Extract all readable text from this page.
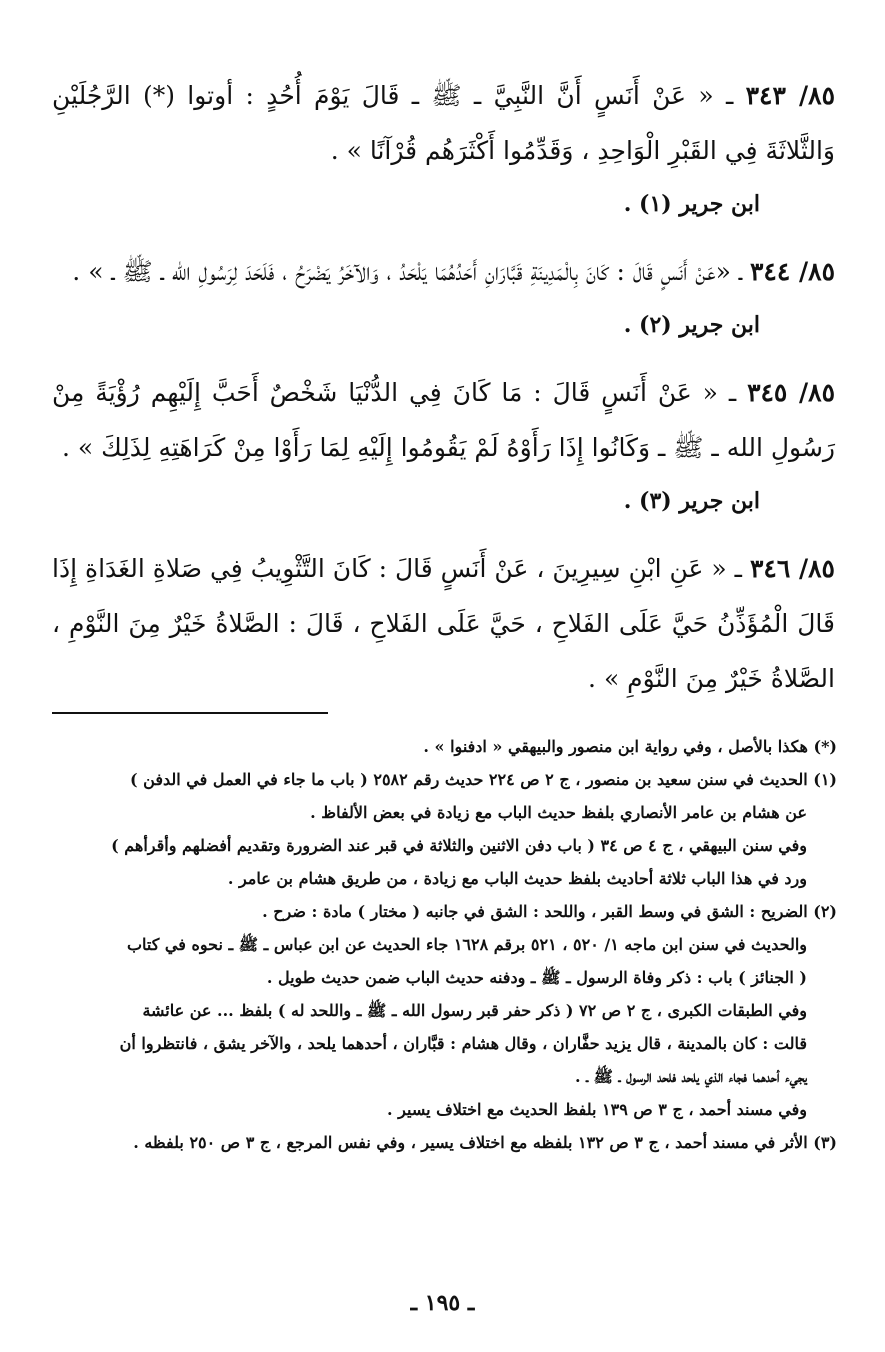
٨٥/ ٣٤٣ ـ « عَنْ أَنَسٍ أَنَّ النَّبِيَّ ـ ﷺ ـ قَالَ يَوْمَ أُحُدٍ : أوتوا (*) الرَّجُلَيْنِ وَالثَّلاثَةَ فِي القَبْرِ الْوَاحِدِ ، وَقَدِّمُوا أَكْثَرَهُم قُرْآنًا » .

ابن جرير (١) .

٨٥/ ٣٤٤ ـ «عَنْ أَنَسٍ قَالَ : كَانَ بِالْمَدِينَةِ قَبَّارَانِ أَحَدُهُمَا يَلْحَدُ ، وَالآخَرُ يَضْرَحُ ، فَلَحَدَ لِرَسُولِ الله ـ ﷺ ـ » .

ابن جرير (٢) .

٨٥/ ٣٤٥ ـ « عَنْ أَنَسٍ قَالَ : مَا كَانَ فِي الدُّنْيَا شَخْصٌ أَحَبَّ إِلَيْهِم رُؤْيَةً مِنْ رَسُولِ الله ـ ﷺ ـ وَكَانُوا إِذَا رَأَوْهُ لَمْ يَقُومُوا إِلَيْهِ لِمَا رَأَوْا مِنْ كَرَاهَتِهِ لِذَلِكَ » .

ابن جرير (٣) .

٨٥/ ٣٤٦ ـ « عَنِ ابْنِ سِيرِينَ ، عَنْ أَنَسٍ قَالَ : كَانَ التَّثْوِيبُ فِي صَلاةِ الغَدَاةِ إِذَا قَالَ الْمُؤَذِّنُ حَيَّ عَلَى الفَلاحِ ، حَيَّ عَلَى الفَلاحِ ، قَالَ : الصَّلاةُ خَيْرٌ مِنَ النَّوْمِ ، الصَّلاةُ خَيْرٌ مِنَ النَّوْمِ » .

(*) هكذا بالأصل ، وفي رواية ابن منصور والبيهقي « ادفنوا » .
(١) الحديث في سنن سعيد بن منصور ، ج ٢ ص ٢٢٤ حديث رقم ٢٥٨٢ ( باب ما جاء في العمل في الدفن )
عن هشام بن عامر الأنصاري بلفظ حديث الباب مع زيادة في بعض الألفاظ .
وفي سنن البيهقي ، ج ٤ ص ٣٤ ( باب دفن الاثنين والثلاثة في قبر عند الضرورة وتقديم أفضلهم وأقرأهم )
ورد في هذا الباب ثلاثة أحاديث بلفظ حديث الباب مع زيادة ، من طريق هشام بن عامر .
(٢) الضريح : الشق في وسط القبر ، واللحد : الشق في جانبه ( مختار ) مادة : ضرح .
والحديث في سنن ابن ماجه ١/ ٥٢٠ ، ٥٢١ برقم ١٦٢٨ جاء الحديث عن ابن عباس ـ ﷺ ـ نحوه في كتاب
( الجنائز ) باب : ذكر وفاة الرسول ـ ﷺ ـ ودفنه حديث الباب ضمن حديث طويل .
وفي الطبقات الكبرى ، ج ٢ ص ٧٢ ( ذكر حفر قبر رسول الله ـ ﷺ ـ واللحد له ) بلفظ ... عن عائشة
قالت : كان بالمدينة ، قال يزيد حفَّاران ، وقال هشام : قبَّاران ، أحدهما يلحد ، والآخر يشق ، فانتظروا أن
يجيء أحدهما فجاء الذي يلحد فلحد الرسول ـ ﷺ ـ .
وفي مسند أحمد ، ج ٣ ص ١٣٩ بلفظ الحديث مع اختلاف يسير .
(٣) الأثر في مسند أحمد ، ج ٣ ص ١٣٢ بلفظه مع اختلاف يسير ، وفي نفس المرجع ، ج ٣ ص ٢٥٠ بلفظه .
ـ ١٩٥ ـ
